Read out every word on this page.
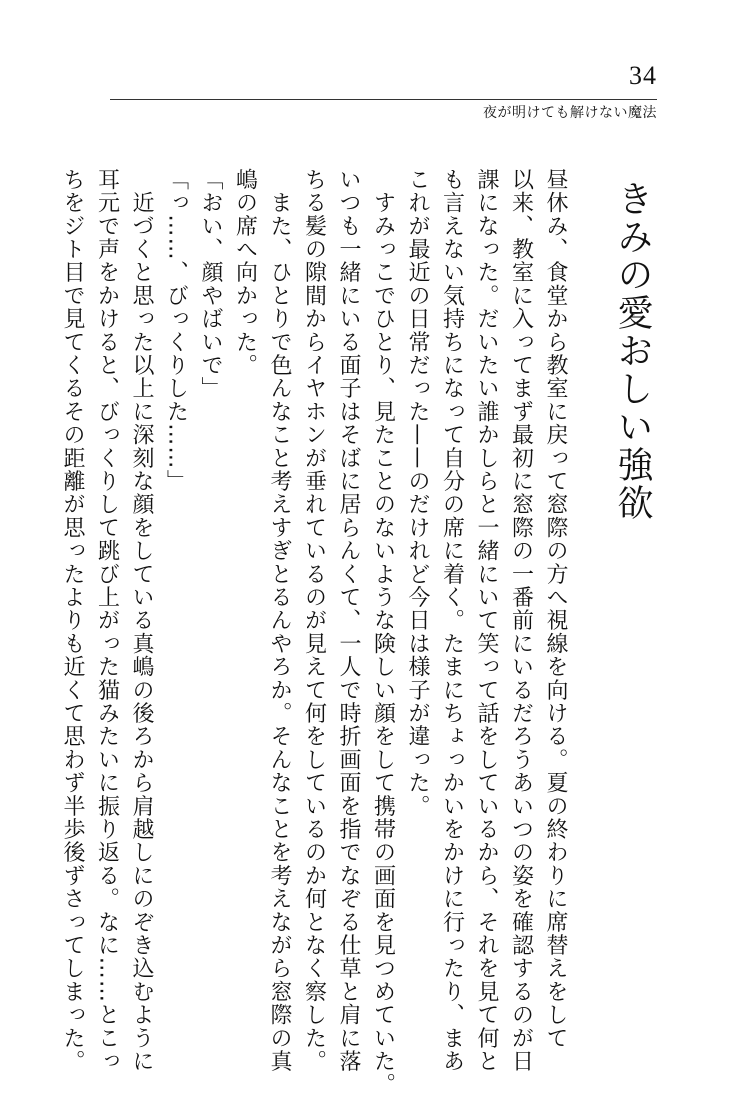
34
夜が明けても解けない魔法
きみの愛おしい強欲
昼休み、食堂から教室に戻って窓際の方へ視線を向ける。夏の終わりに席替えをして
以来、教室に入ってまず最初に窓際の一番前にいるだろうあいつの姿を確認するのが日
課になった。だいたい誰かしらと一緒にいて笑って話をしているから、それを見て何と
も言えない気持ちになって自分の席に着く。たまにちょっかいをかけに行ったり、まあ
これが最近の日常だった——のだけれど今日は様子が違った。
　すみっこでひとり、見たことのないような険しい顔をして携帯の画面を見つめていた。
いつも一緒にいる面子はそばに居らんくて、一人で時折画面を指でなぞる仕草と肩に落
ちる髪の隙間からイヤホンが垂れているのが見えて何をしているのか何となく察した。
　また、ひとりで色んなこと考えすぎとるんやろか。そんなことを考えながら窓際の真
嶋の席へ向かった。
「おい、顔やばいで」
「っ……、びっくりした……」
　近づくと思った以上に深刻な顔をしている真嶋の後ろから肩越しにのぞき込むように
耳元で声をかけると、びっくりして跳び上がった猫みたいに振り返る。なに……とこっ
ちをジト目で見てくるその距離が思ったよりも近くて思わず半歩後ずさってしまった。
